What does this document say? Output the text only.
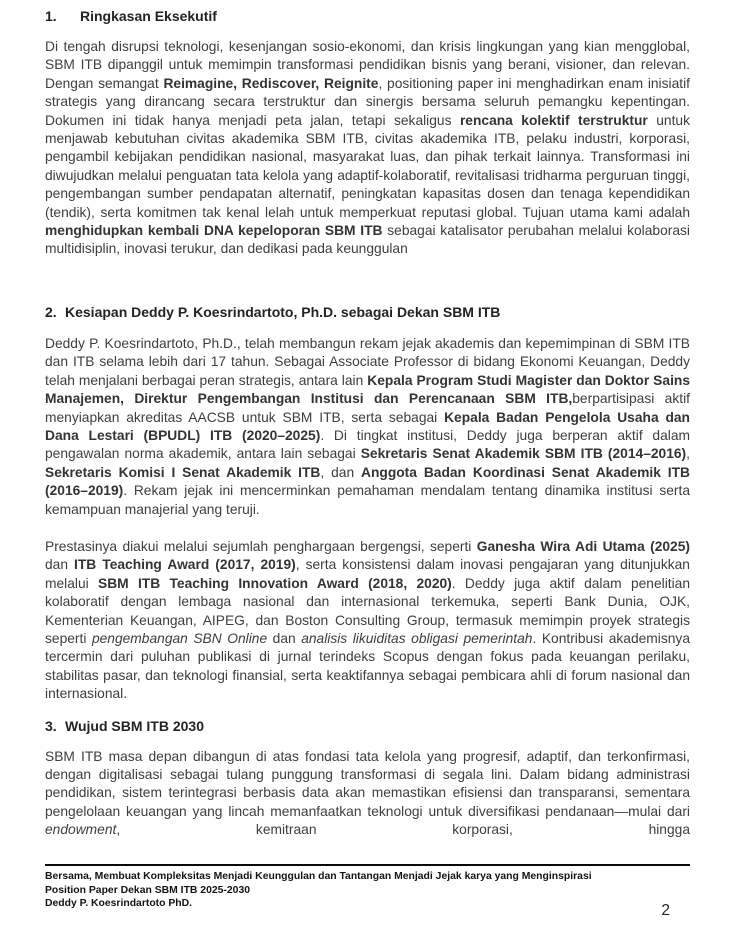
1.	Ringkasan Eksekutif

Di tengah disrupsi teknologi, kesenjangan sosio-ekonomi, dan krisis lingkungan yang kian mengglobal, SBM ITB dipanggil untuk memimpin transformasi pendidikan bisnis yang berani, visioner, dan relevan. Dengan semangat Reimagine, Rediscover, Reignite, positioning paper ini menghadirkan enam inisiatif strategis yang dirancang secara terstruktur dan sinergis bersama seluruh pemangku kepentingan. Dokumen ini tidak hanya menjadi peta jalan, tetapi sekaligus rencana kolektif terstruktur untuk menjawab kebutuhan civitas akademika SBM ITB, civitas akademika ITB, pelaku industri, korporasi, pengambil kebijakan pendidikan nasional, masyarakat luas, dan pihak terkait lainnya. Transformasi ini diwujudkan melalui penguatan tata kelola yang adaptif-kolaboratif, revitalisasi tridharma perguruan tinggi, pengembangan sumber pendapatan alternatif, peningkatan kapasitas dosen dan tenaga kependidikan (tendik), serta komitmen tak kenal lelah untuk memperkuat reputasi global. Tujuan utama kami adalah menghidupkan kembali DNA kepeloporan SBM ITB sebagai katalisator perubahan melalui kolaborasi multidisiplin, inovasi terukur, dan dedikasi pada keunggulan

2. Kesiapan Deddy P. Koesrindartoto, Ph.D. sebagai Dekan SBM ITB

Deddy P. Koesrindartoto, Ph.D., telah membangun rekam jejak akademis dan kepemimpinan di SBM ITB dan ITB selama lebih dari 17 tahun. Sebagai Associate Professor di bidang Ekonomi Keuangan, Deddy telah menjalani berbagai peran strategis, antara lain Kepala Program Studi Magister dan Doktor Sains Manajemen, Direktur Pengembangan Institusi dan Perencanaan SBM ITB,berpartisipasi aktif menyiapkan akreditas AACSB untuk SBM ITB, serta sebagai Kepala Badan Pengelola Usaha dan Dana Lestari (BPUDL) ITB (2020–2025). Di tingkat institusi, Deddy juga berperan aktif dalam pengawalan norma akademik, antara lain sebagai Sekretaris Senat Akademik SBM ITB (2014–2016), Sekretaris Komisi I Senat Akademik ITB, dan Anggota Badan Koordinasi Senat Akademik ITB (2016–2019). Rekam jejak ini mencerminkan pemahaman mendalam tentang dinamika institusi serta kemampuan manajerial yang teruji.

Prestasinya diakui melalui sejumlah penghargaan bergengsi, seperti Ganesha Wira Adi Utama (2025) dan ITB Teaching Award (2017, 2019), serta konsistensi dalam inovasi pengajaran yang ditunjukkan melalui SBM ITB Teaching Innovation Award (2018, 2020). Deddy juga aktif dalam penelitian kolaboratif dengan lembaga nasional dan internasional terkemuka, seperti Bank Dunia, OJK, Kementerian Keuangan, AIPEG, dan Boston Consulting Group, termasuk memimpin proyek strategis seperti pengembangan SBN Online dan analisis likuiditas obligasi pemerintah. Kontribusi akademisnya tercermin dari puluhan publikasi di jurnal terindeks Scopus dengan fokus pada keuangan perilaku, stabilitas pasar, dan teknologi finansial, serta keaktifannya sebagai pembicara ahli di forum nasional dan internasional.

3. Wujud SBM ITB 2030

SBM ITB masa depan dibangun di atas fondasi tata kelola yang progresif, adaptif, dan terkonfirmasi, dengan digitalisasi sebagai tulang punggung transformasi di segala lini. Dalam bidang administrasi pendidikan, sistem terintegrasi berbasis data akan memastikan efisiensi dan transparansi, sementara pengelolaan keuangan yang lincah memanfaatkan teknologi untuk diversifikasi pendanaan—mulai dari endowment, kemitraan korporasi, hingga

Bersama, Membuat Kompleksitas Menjadi Keunggulan dan Tantangan Menjadi Jejak karya yang Menginspirasi
Position Paper Dekan SBM ITB 2025-2030
Deddy P. Koesrindartoto PhD.	2
